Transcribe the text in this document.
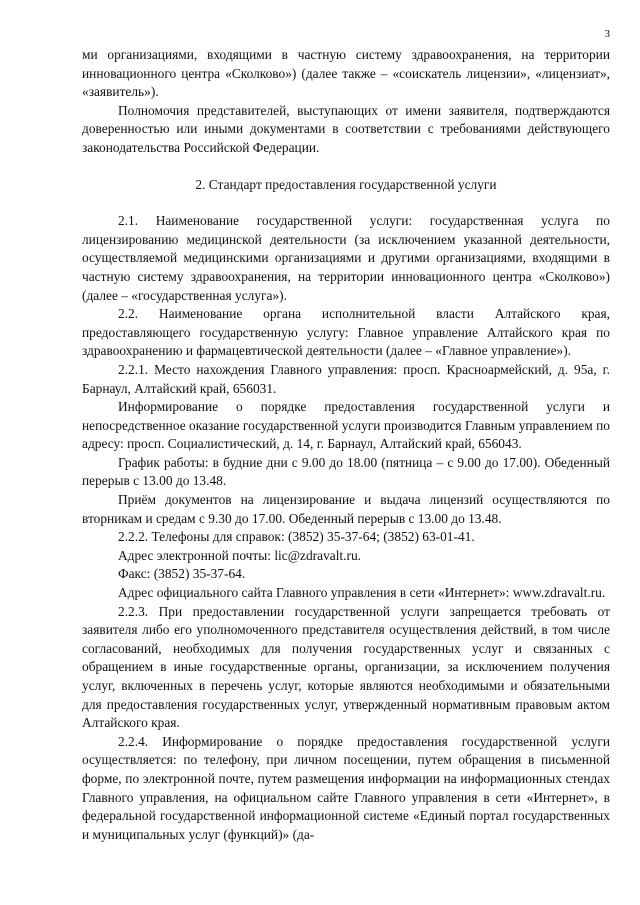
3

ми организациями, входящими в частную систему здравоохранения, на территории инновационного центра «Сколково») (далее также – «соискатель лицензии», «лицензиат», «заявитель»).

Полномочия представителей, выступающих от имени заявителя, подтверждаются доверенностью или иными документами в соответствии с требованиями действующего законодательства Российской Федерации.

2. Стандарт предоставления государственной услуги

2.1. Наименование государственной услуги: государственная услуга по лицензированию медицинской деятельности (за исключением указанной деятельности, осуществляемой медицинскими организациями и другими организациями, входящими в частную систему здравоохранения, на территории инновационного центра «Сколково») (далее – «государственная услуга»).

2.2. Наименование органа исполнительной власти Алтайского края, предоставляющего государственную услугу: Главное управление Алтайского края по здравоохранению и фармацевтической деятельности (далее – «Главное управление»).

2.2.1. Место нахождения Главного управления: просп. Красноармейский, д. 95а, г. Барнаул, Алтайский край, 656031.

Информирование о порядке предоставления государственной услуги и непосредственное оказание государственной услуги производится Главным управлением по адресу: просп. Социалистический, д. 14, г. Барнаул, Алтайский край, 656043.

График работы: в будние дни с 9.00 до 18.00 (пятница – с 9.00 до 17.00). Обеденный перерыв с 13.00 до 13.48.

Приём документов на лицензирование и выдача лицензий осуществляются по вторникам и средам с 9.30 до 17.00. Обеденный перерыв с 13.00 до 13.48.

2.2.2. Телефоны для справок: (3852) 35-37-64; (3852) 63-01-41.

Адрес электронной почты: lic@zdravalt.ru.

Факс: (3852) 35-37-64.

Адрес официального сайта Главного управления в сети «Интернет»: www.zdravalt.ru.

2.2.3. При предоставлении государственной услуги запрещается требовать от заявителя либо его уполномоченного представителя осуществления действий, в том числе согласований, необходимых для получения государственных услуг и связанных с обращением в иные государственные органы, организации, за исключением получения услуг, включенных в перечень услуг, которые являются необходимыми и обязательными для предоставления государственных услуг, утвержденный нормативным правовым актом Алтайского края.

2.2.4. Информирование о порядке предоставления государственной услуги осуществляется: по телефону, при личном посещении, путем обращения в письменной форме, по электронной почте, путем размещения информации на информационных стендах Главного управления, на официальном сайте Главного управления в сети «Интернет», в федеральной государственной информационной системе «Единый портал государственных и муниципальных услуг (функций)» (да-
